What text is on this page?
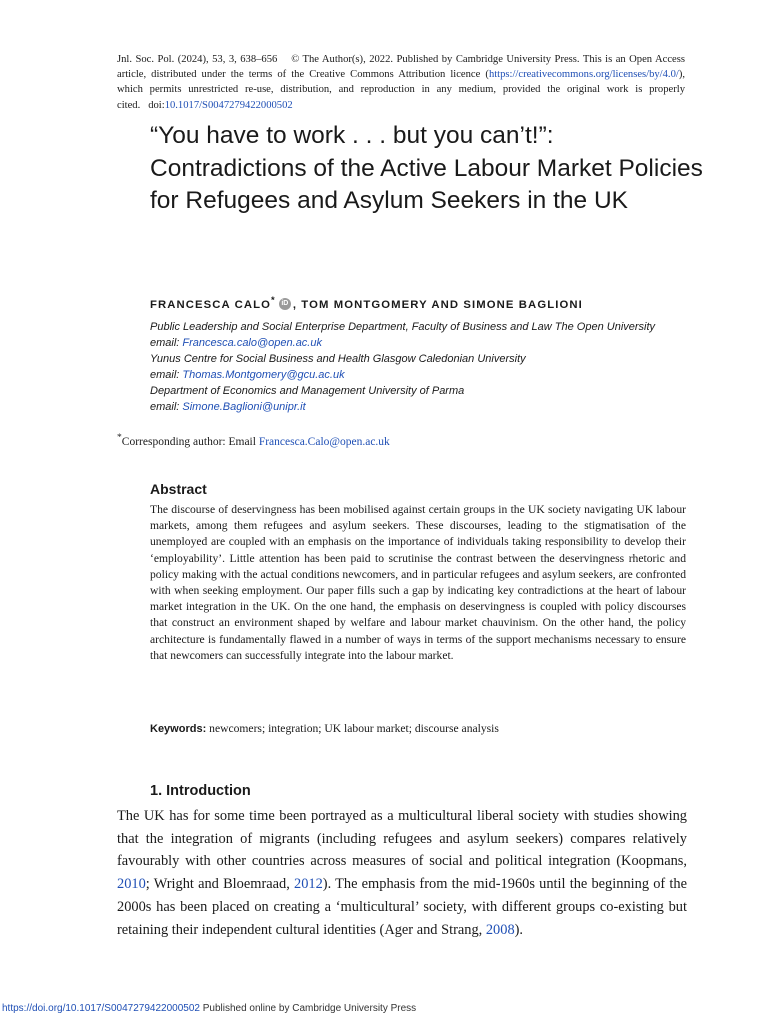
Jnl. Soc. Pol. (2024), 53, 3, 638–656 © The Author(s), 2022. Published by Cambridge University Press. This is an Open Access article, distributed under the terms of the Creative Commons Attribution licence (https://creativecommons.org/licenses/by/4.0/), which permits unrestricted re-use, distribution, and reproduction in any medium, provided the original work is properly cited. doi:10.1017/S0047279422000502
“You have to work . . . but you can’t!”: Contradictions of the Active Labour Market Policies for Refugees and Asylum Seekers in the UK
FRANCESCA CALO* iD , TOM MONTGOMERY AND SIMONE BAGLIONI
Public Leadership and Social Enterprise Department, Faculty of Business and Law The Open University
email: Francesca.calo@open.ac.uk
Yunus Centre for Social Business and Health Glasgow Caledonian University
email: Thomas.Montgomery@gcu.ac.uk
Department of Economics and Management University of Parma
email: Simone.Baglioni@unipr.it
*Corresponding author: Email Francesca.Calo@open.ac.uk
Abstract

The discourse of deservingness has been mobilised against certain groups in the UK society navigating UK labour markets, among them refugees and asylum seekers. These discourses, leading to the stigmatisation of the unemployed are coupled with an emphasis on the importance of individuals taking responsibility to develop their ‘employability’. Little attention has been paid to scrutinise the contrast between the deservingness rhetoric and policy making with the actual conditions newcomers, and in particular refugees and asylum seekers, are confronted with when seeking employment. Our paper fills such a gap by indicating key contradictions at the heart of labour market integration in the UK. On the one hand, the emphasis on deservingness is coupled with policy discourses that construct an environment shaped by welfare and labour market chauvinism. On the other hand, the policy architecture is fundamentally flawed in a number of ways in terms of the support mechanisms necessary to ensure that newcomers can successfully integrate into the labour market.

Keywords: newcomers; integration; UK labour market; discourse analysis
1. Introduction

The UK has for some time been portrayed as a multicultural liberal society with studies showing that the integration of migrants (including refugees and asylum seekers) compares relatively favourably with other countries across measures of social and political integration (Koopmans, 2010; Wright and Bloemraad, 2012). The emphasis from the mid-1960s until the beginning of the 2000s has been placed on creating a ‘multicultural’ society, with different groups co-existing but retaining their independent cultural identities (Ager and Strang, 2008).

https://doi.org/10.1017/S0047279422000502 Published online by Cambridge University Press
